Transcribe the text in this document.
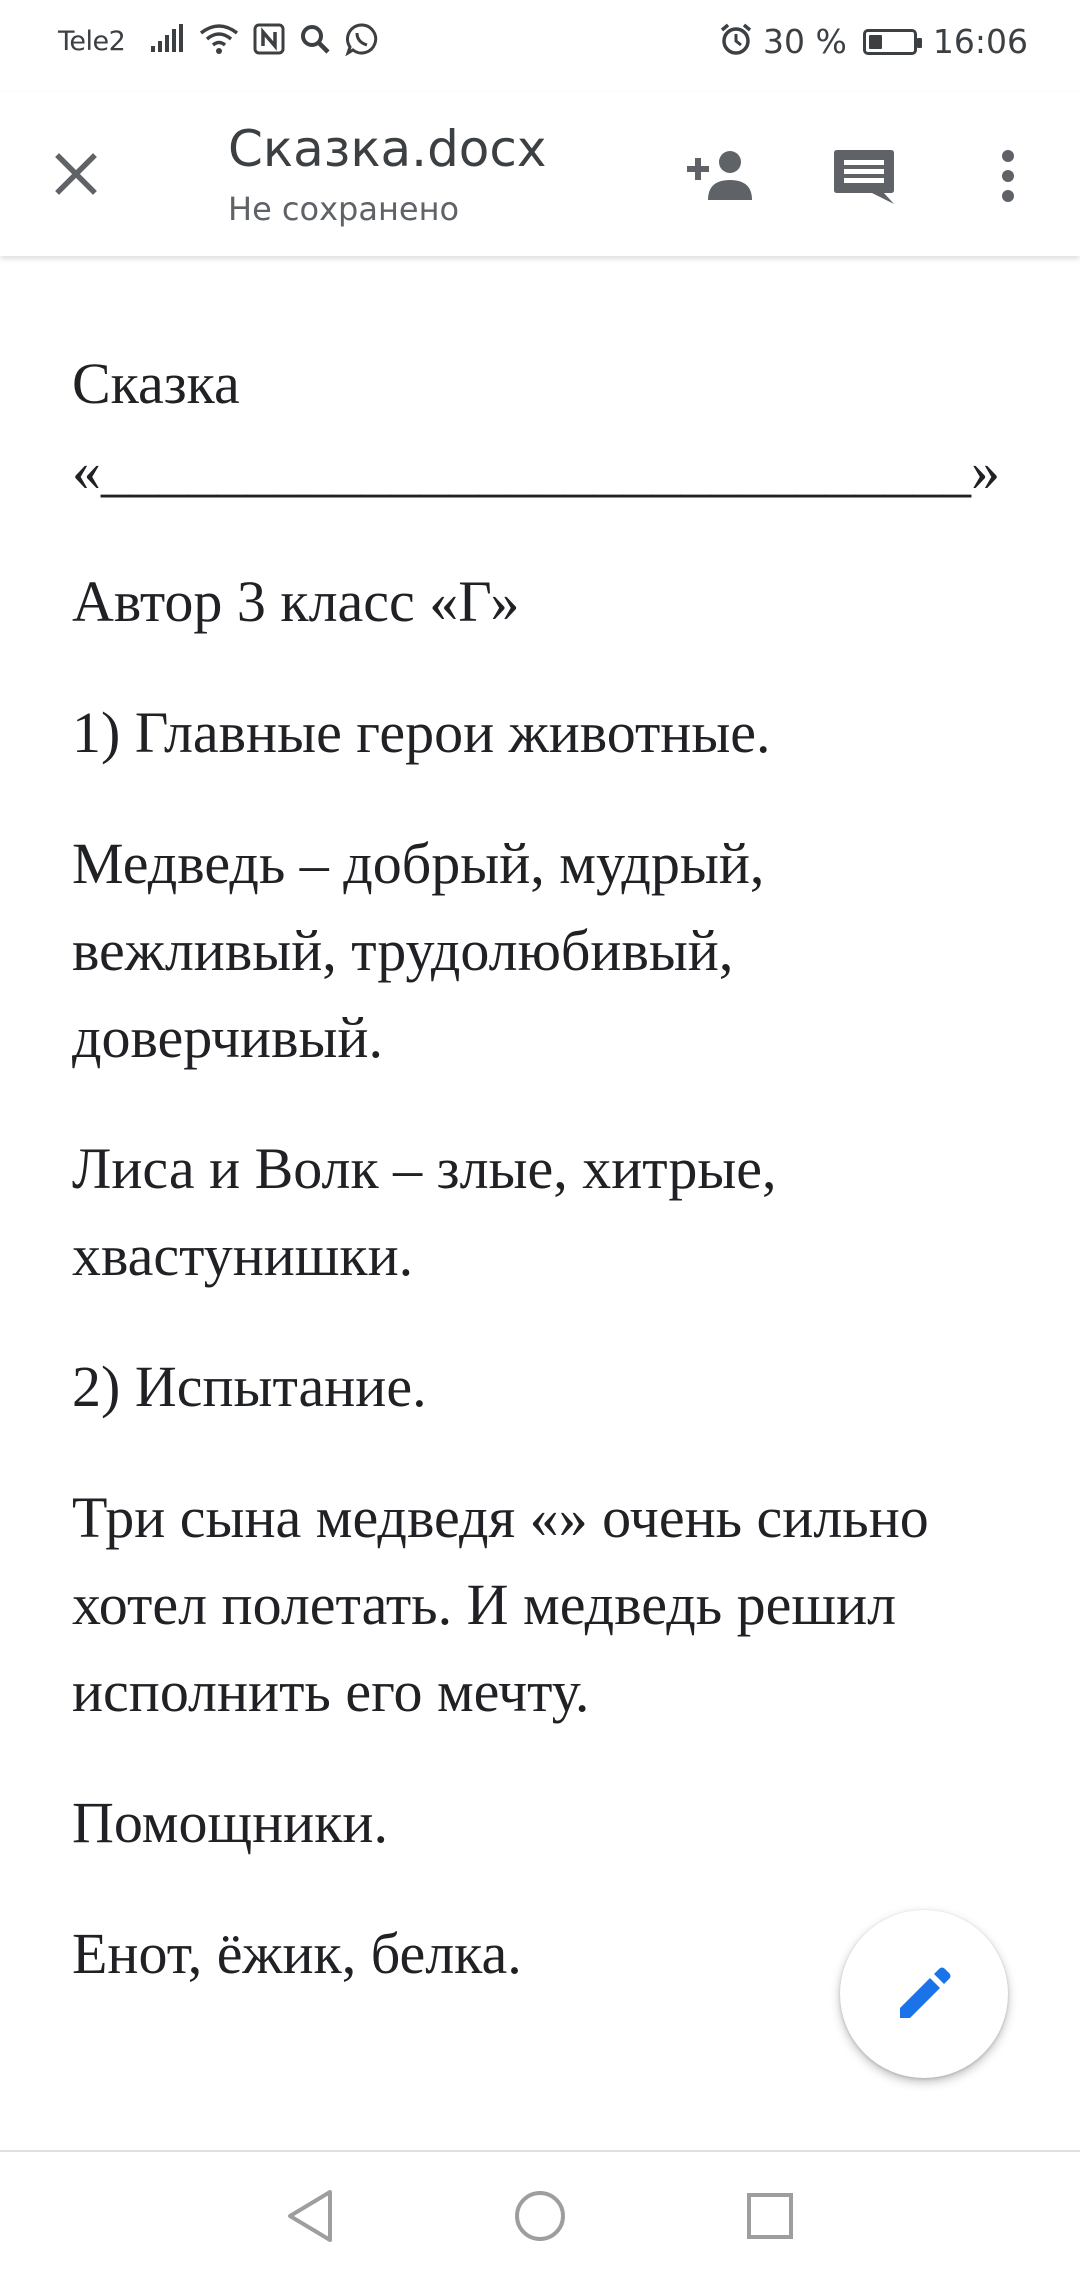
Tele2	30 %	16:06
Сказка.docx
Не сохранено

Сказка «______________________________»

Автор 3 класс «Г»

1) Главные герои животные.

Медведь – добрый, мудрый, вежливый, трудолюбивый, доверчивый.

Лиса и Волк – злые, хитрые, хвастунишки.

2) Испытание.

Три сына медведя «» очень сильно хотел полетать. И медведь решил исполнить его мечту.

Помощники.

Енот, ёжик, белка.
